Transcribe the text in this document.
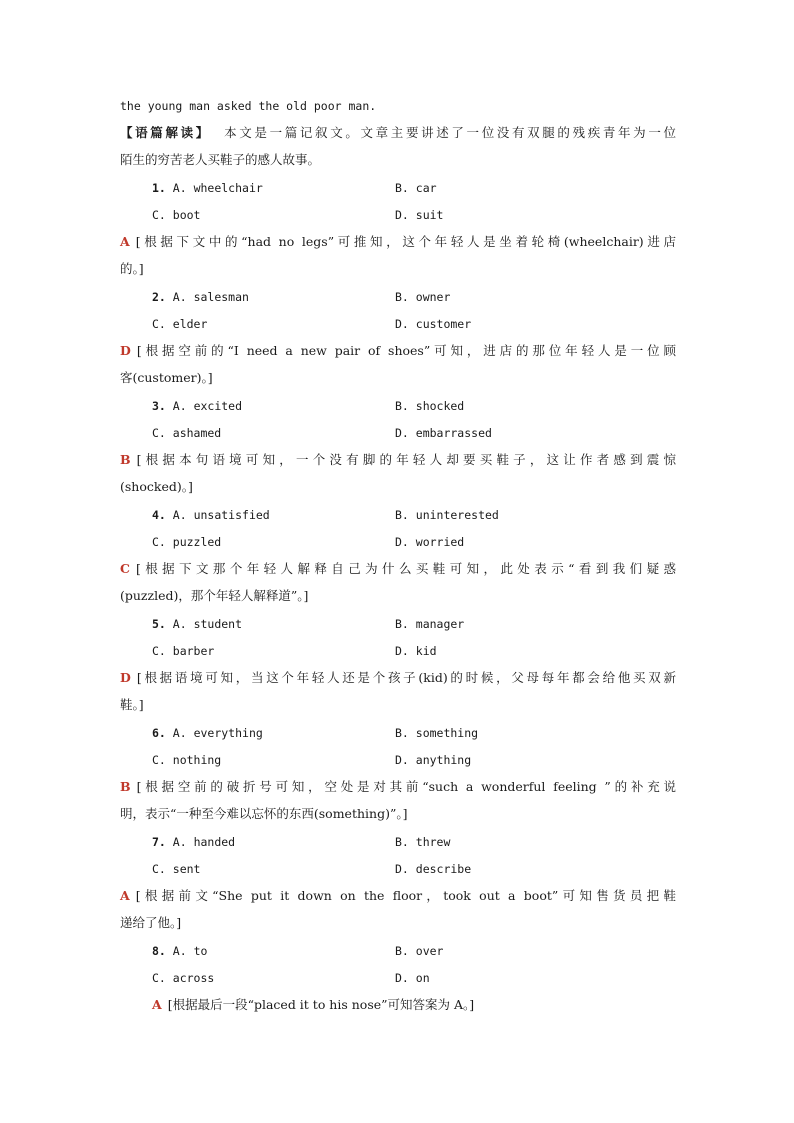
the young man asked the old poor man.
【语篇解读】 本文是一篇记叙文。文章主要讲述了一位没有双腿的残疾青年为一位
陌生的穷苦老人买鞋子的感人故事。
1. A. wheelchair	B. car
C. boot	D. suit
A [根据下文中的“had no legs”可推知，这个年轻人是坐着轮椅(wheelchair)进店
的。]
2. A. salesman	B. owner
C. elder	D. customer
D [根据空前的“I need a new pair of shoes”可知，进店的那位年轻人是一位顾
客(customer)。]
3. A. excited	B. shocked
C. ashamed	D. embarrassed
B [根据本句语境可知，一个没有脚的年轻人却要买鞋子，这让作者感到震惊
(shocked)。]
4. A. unsatisfied	B. uninterested
C. puzzled	D. worried
C [根据下文那个年轻人解释自己为什么买鞋可知，此处表示“看到我们疑惑
(puzzled)，那个年轻人解释道”。]
5. A. student	B. manager
C. barber	D. kid
D [根据语境可知，当这个年轻人还是个孩子(kid)的时候，父母每年都会给他买双新
鞋。]
6. A. everything	B. something
C. nothing	D. anything
B [根据空前的破折号可知，空处是对其前“such a wonderful feeling ”的补充说
明，表示“一种至今难以忘怀的东西(something)”。]
7. A. handed	B. threw
C. sent	D. describe
A [根据前文“She put it down on the floor，took out a boot”可知售货员把鞋
递给了他。]
8. A. to	B. over
C. across	D. on
A [根据最后一段“placed it to his nose”可知答案为 A。]
